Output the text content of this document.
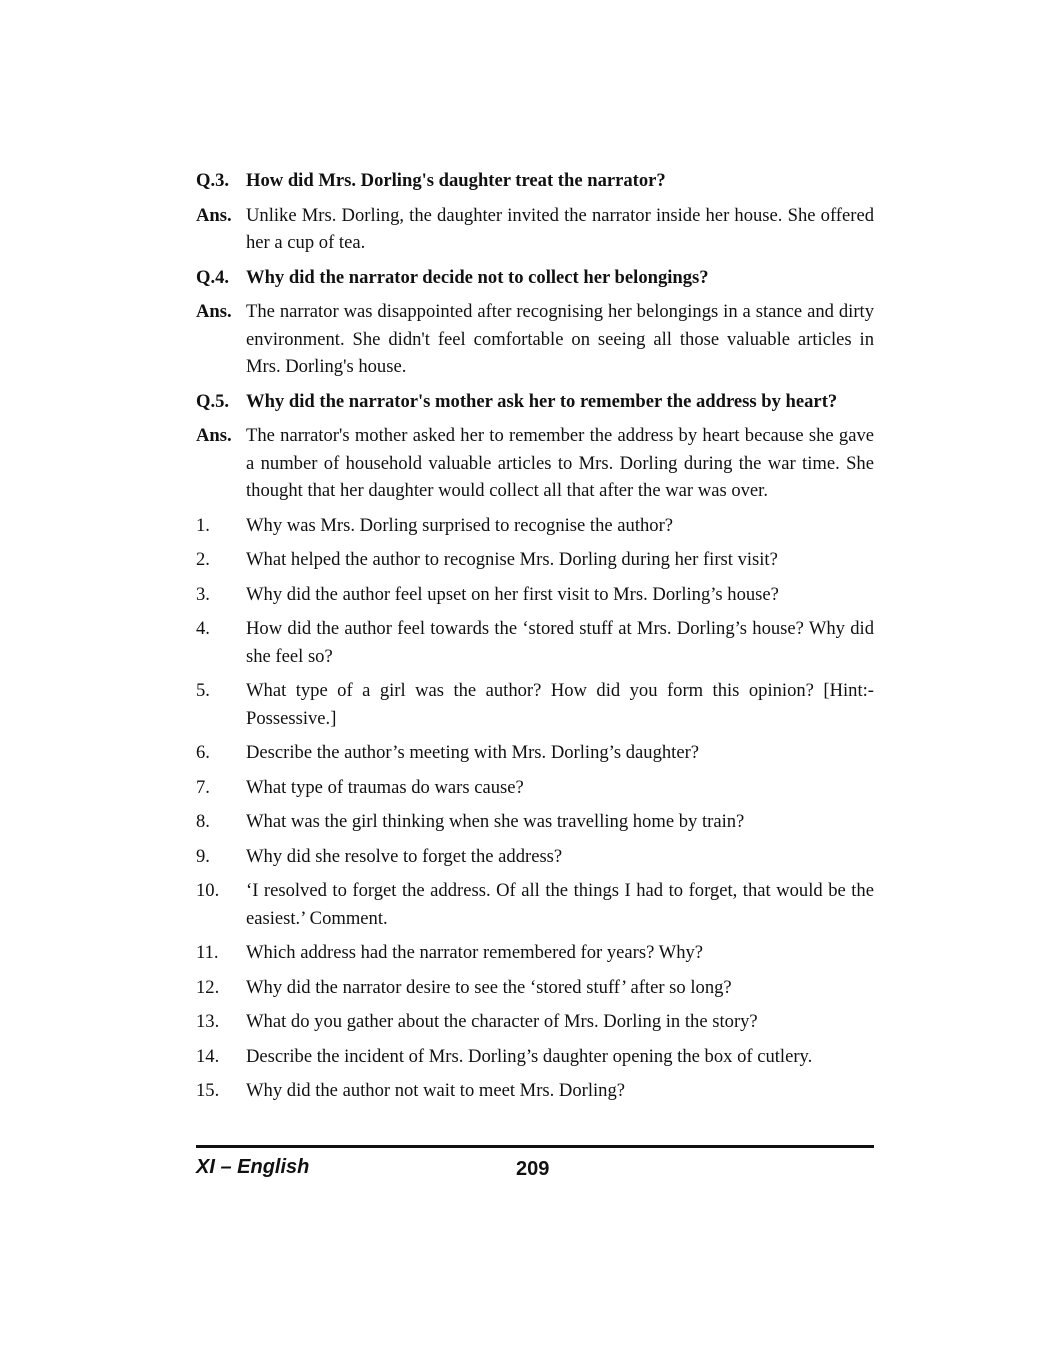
Q.3. How did Mrs. Dorling's daughter treat the narrator?
Ans. Unlike Mrs. Dorling, the daughter invited the narrator inside her house. She offered her a cup of tea.
Q.4. Why did the narrator decide not to collect her belongings?
Ans. The narrator was disappointed after recognising her belongings in a stance and dirty environment. She didn't feel comfortable on seeing all those valuable articles in Mrs. Dorling's house.
Q.5. Why did the narrator's mother ask her to remember the address by heart?
Ans. The narrator's mother asked her to remember the address by heart because she gave a number of household valuable articles to Mrs. Dorling during the war time. She thought that her daughter would collect all that after the war was over.
1.	Why was Mrs. Dorling surprised to recognise the author?
2.	What helped the author to recognise Mrs. Dorling during her first visit?
3.	Why did the author feel upset on her first visit to Mrs. Dorling’s house?
4.	How did the author feel towards the ‘stored stuff at Mrs. Dorling’s house? Why did she feel so?
5.	What type of a girl was the author? How did you form this opinion? [Hint:- Possessive.]
6.	Describe the author’s meeting with Mrs. Dorling’s daughter?
7.	What type of traumas do wars cause?
8.	What was the girl thinking when she was travelling home by train?
9.	Why did she resolve to forget the address?
10.	‘I resolved to forget the address. Of all the things I had to forget, that would be the easiest.’ Comment.
11.	Which address had the narrator remembered for years? Why?
12.	Why did the narrator desire to see the ‘stored stuff’ after so long?
13.	What do you gather about the character of Mrs. Dorling in the story?
14.	Describe the incident of Mrs. Dorling’s daughter opening the box of cutlery.
15.	Why did the author not wait to meet Mrs. Dorling?
XI – English	209
